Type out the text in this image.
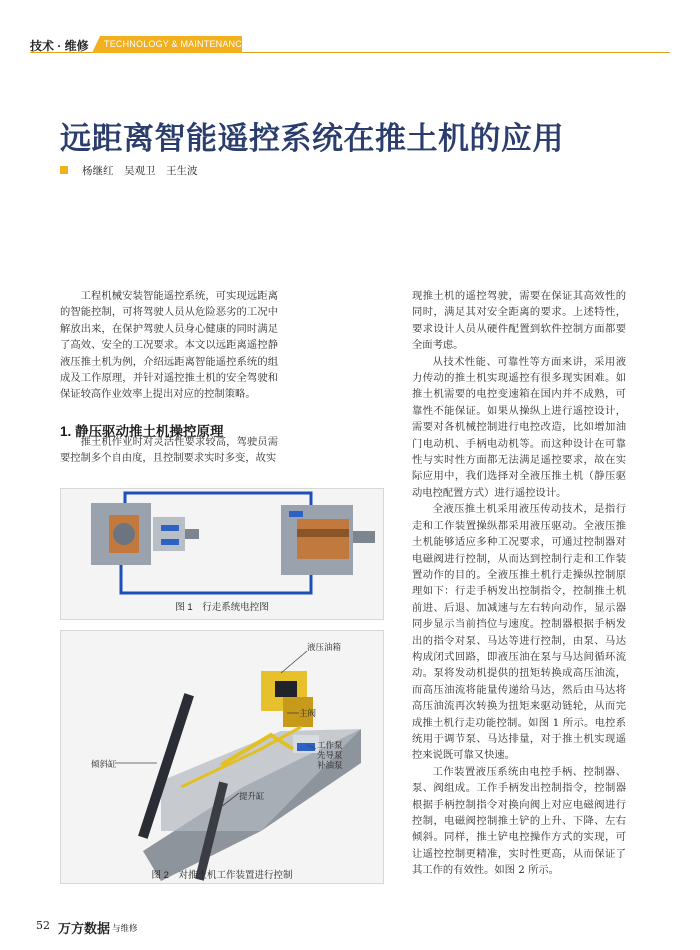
技术 · 维修 TECHNOLOGY & MAINTENANCE
远距离智能遥控系统在推土机的应用
杨继红　吴观卫　王生波

工程机械安装智能遥控系统，可实现远距离的智能控制，可将驾驶人员从危险恶劣的工况中解放出来，在保护驾驶人员身心健康的同时满足了高效、安全的工况要求。本文以远距离遥控静液压推土机为例，介绍远距离智能遥控系统的组成及工作原理，并针对遥控推土机的安全驾驶和保证较高作业效率上提出对应的控制策略。

1. 静压驱动推土机操控原理

推土机作业时对灵活性要求较高，驾驶员需要控制多个自由度，且控制要求实时多变，故实

图 1　行走系统电控图
液压油箱
主阀
工作泵
先导泵
补油泵
倾斜缸
提升缸
图 2　对推土机工作装置进行控制

现推土机的遥控驾驶，需要在保证其高效性的同时，满足其对安全距离的要求。上述特性，要求设计人员从硬件配置到软件控制方面都要全面考虑。

从技术性能、可靠性等方面来讲，采用液力传动的推土机实现遥控有很多现实困难。如推土机需要的电控变速箱在国内并不成熟，可靠性不能保证。如果从操纵上进行遥控设计，需要对各机械控制进行电控改造，比如增加油门电动机、手柄电动机等。而这种设计在可靠性与实时性方面都无法满足遥控要求，故在实际应用中，我们选择对全液压推土机（静压驱动电控配置方式）进行遥控设计。

全液压推土机采用液压传动技术，是指行走和工作装置操纵都采用液压驱动。全液压推土机能够适应多种工况要求，可通过控制器对电磁阀进行控制，从而达到控制行走和工作装置动作的目的。全液压推土机行走操纵控制原理如下：行走手柄发出控制指令，控制推土机前进、后退、加减速与左右转向动作，显示器同步显示当前挡位与速度。控制器根据手柄发出的指令对泵、马达等进行控制，由泵、马达构成闭式回路，即液压油在泵与马达间循环流动。泵将发动机提供的扭矩转换成高压油流，而高压油流将能量传递给马达，然后由马达将高压油流再次转换为扭矩来驱动链轮，从而完成推土机行走功能控制。如图 1 所示。电控系统用于调节泵、马达排量，对于推土机实现遥控来说既可靠又快速。

工作装置液压系统由电控手柄、控制器、泵、阀组成。工作手柄发出控制指令，控制器根据手柄控制指令对换向阀上对应电磁阀进行控制，电磁阀控制推土铲的上升、下降、左右倾斜。同样，推土铲电控操作方式的实现，可让遥控控制更精准，实时性更高，从而保证了其工作的有效性。如图 2 所示。

52 万方数据 与维修
